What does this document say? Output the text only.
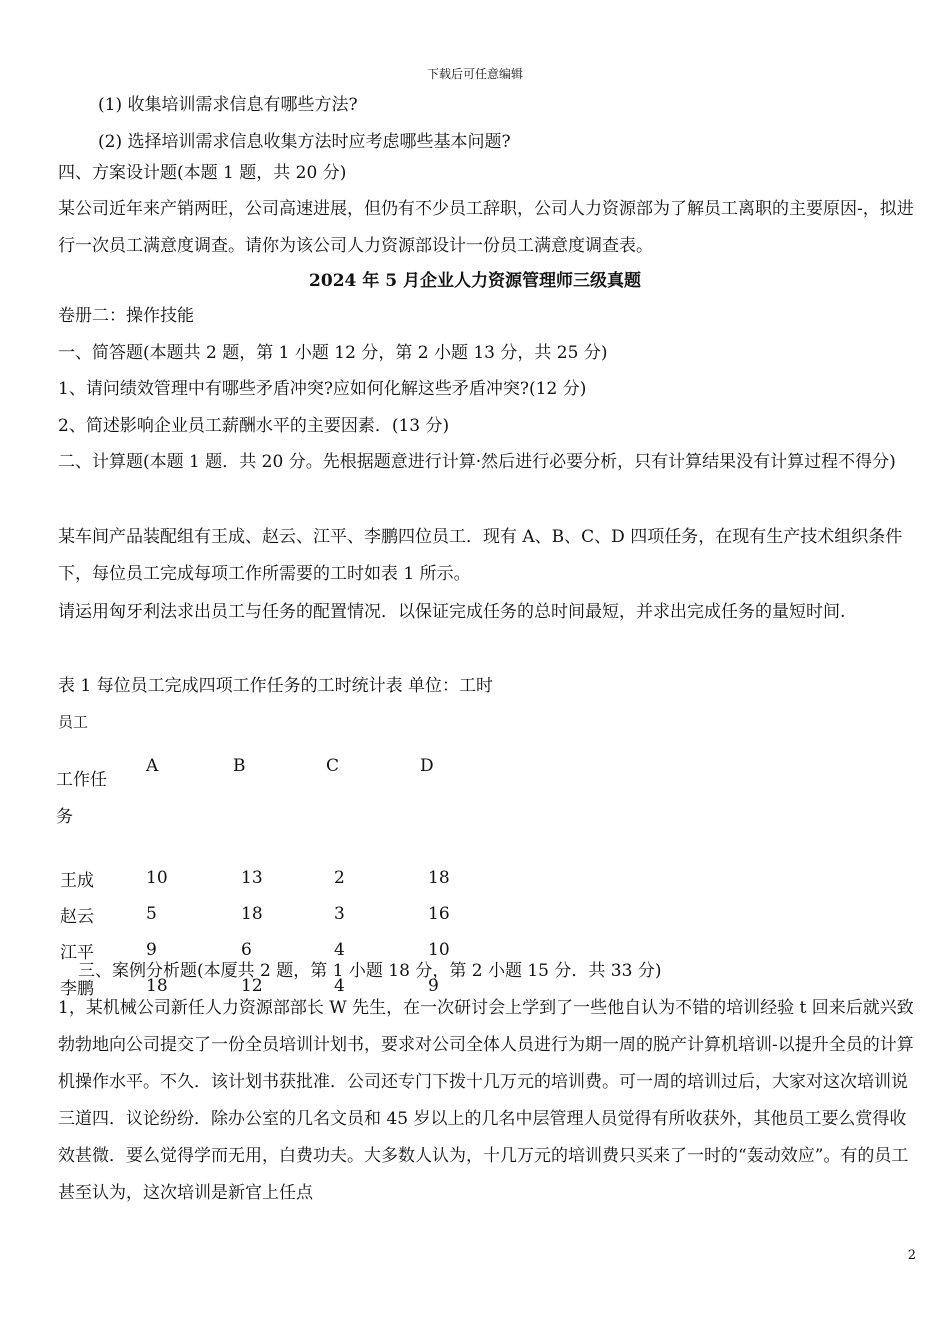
下载后可任意编辑

(1) 收集培训需求信息有哪些方法?

(2) 选择培训需求信息收集方法时应考虑哪些基本问题?

四、方案设计题(本题 1 题，共 20 分)

某公司近年来产销两旺，公司高速进展，但仍有不少员工辞职，公司人力资源部为了解员工离职的主要原因-，拟进行一次员工满意度调查。请你为该公司人力资源部设计一份员工满意度调查表。

2024 年 5 月企业人力资源管理师三级真题

卷册二：操作技能

一、简答题(本题共 2 题，第 1 小题 12 分，第 2 小题 13 分，共 25 分)

1、请问绩效管理中有哪些矛盾冲突?应如何化解这些矛盾冲突?(12 分)

2、简述影响企业员工薪酬水平的主要因素．(13 分)

二、计算题(本题 1 题．共 20 分。先根据题意进行计算·然后进行必要分析，只有计算结果没有计算过程不得分)

某车间产品装配组有王成、赵云、江平、李鹏四位员工．现有 A、B、C、D 四项任务，在现有生产技术组织条件下，每位员工完成每项工作所需要的工时如表 1 所示。

请运用匈牙利法求出员工与任务的配置情况．以保证完成任务的总时间最短，并求出完成任务的量短时间.

表 1 每位员工完成四项工作任务的工时统计表 单位：工时

员工
工作任
务	A	B	C	D
王成	10	13	2	18
赵云	5	18	3	16
江平	9	6	4	10
李鹏	18	12	4	9

三、案例分析题(本厦共 2 题，第 1 小题 18 分，第 2 小题 15 分．共 33 分)

1，某机械公司新任人力资源部部长 W 先生，在一次研讨会上学到了一些他自认为不错的培训经验 t 回来后就兴致勃勃地向公司提交了一份全员培训计划书，要求对公司全体人员进行为期一周的脱产计算机培训-以提升全员的计算机操作水平。不久．该计划书获批准．公司还专门下拨十几万元的培训费。可一周的培训过后，大家对这次培训说三道四．议论纷纷．除办公室的几名文员和 45 岁以上的几名中层管理人员觉得有所收获外，其他员工要么赏得收效甚微．要么觉得学而无用，白费功夫。大多数人认为，十几万元的培训费只买来了一时的“轰动效应”。有的员工甚至认为，这次培训是新官上任点

2
